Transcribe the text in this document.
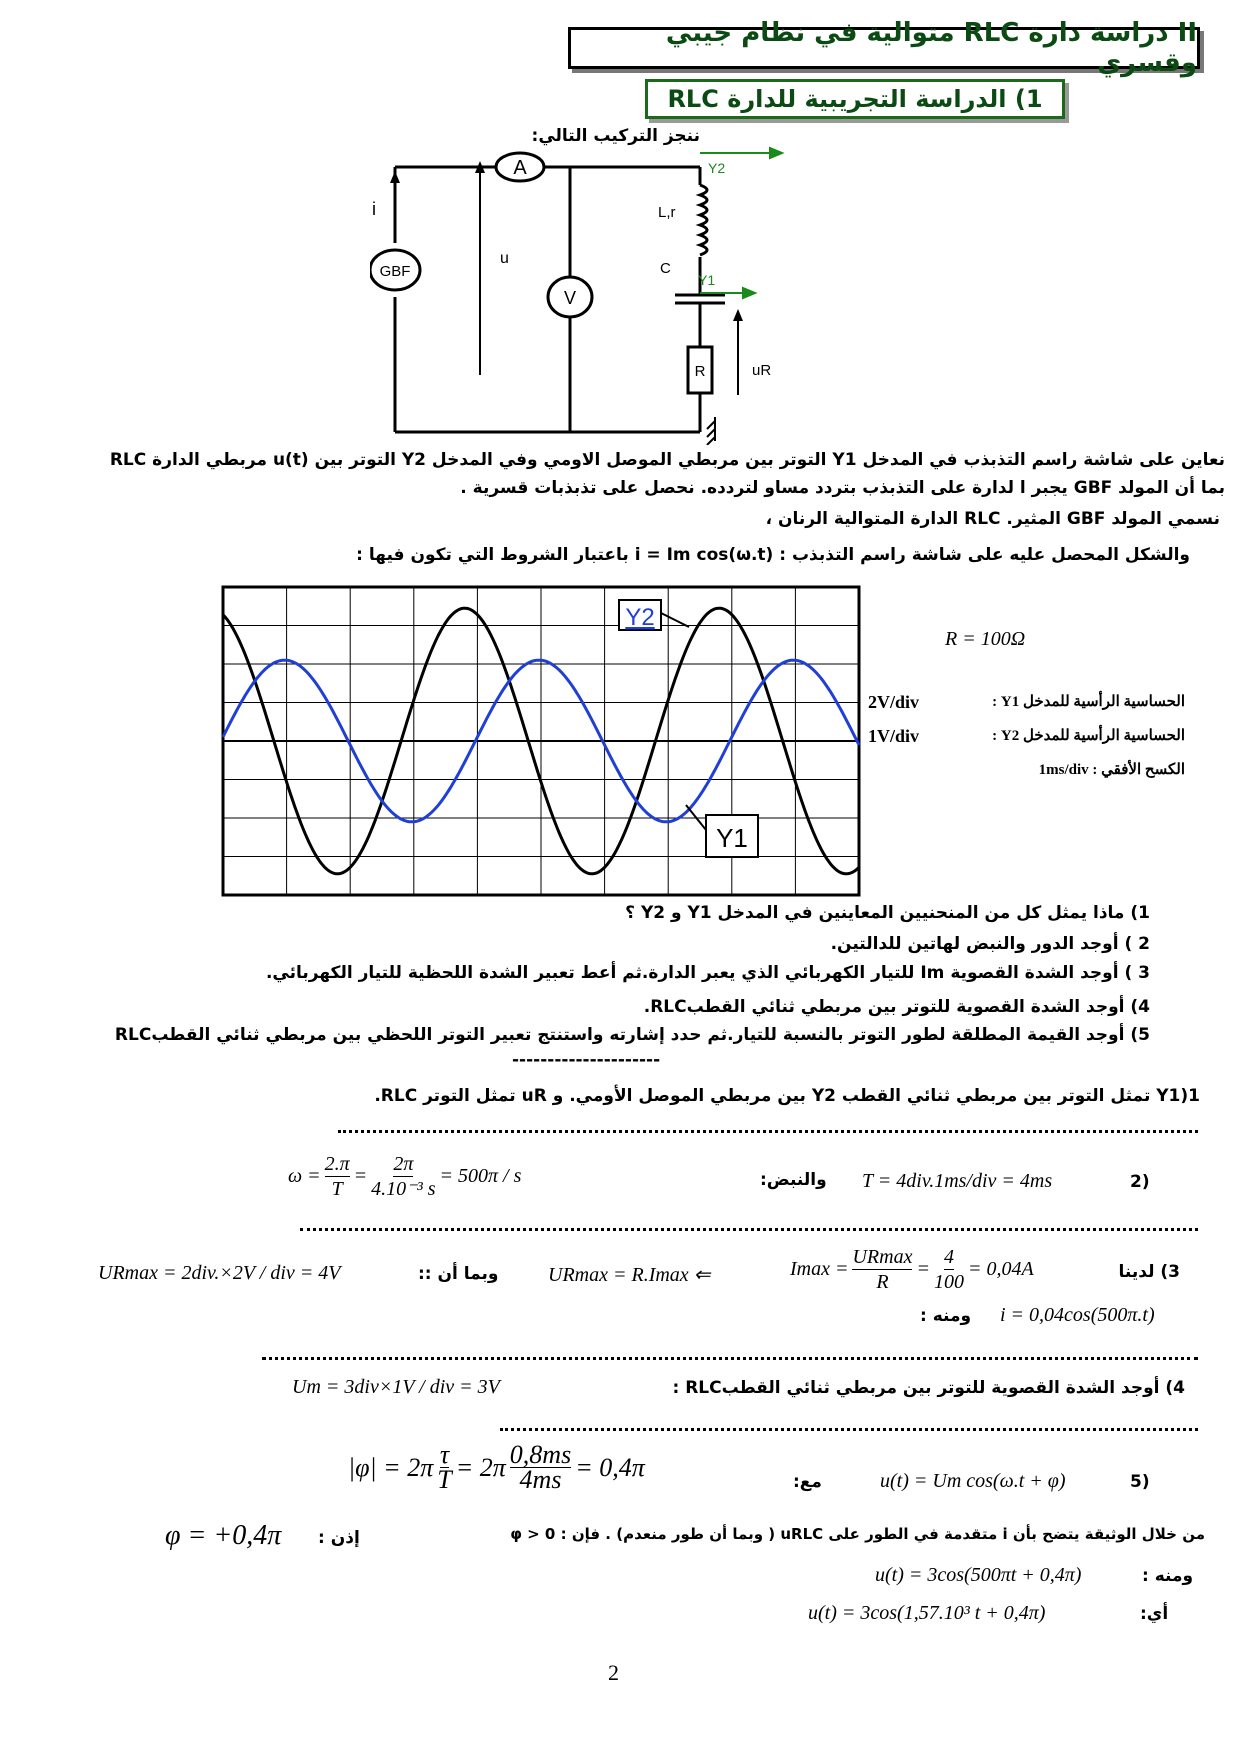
II دراسة دارة RLC متوالية في نظام جيبي وقسري
1) الدراسة التجريبية للدارة RLC
ننجز التركيب التالي:
A
GBF
V
i
u
L,r
C
R	uR
Y2
Y1
نعاين على شاشة راسم التذبذب في المدخل Y1 التوتر بين مربطي الموصل الاومي وفي المدخل Y2 التوتر بين u(t) مربطي الدارة RLC
بما أن المولد GBF يجبر ا لدارة على التذبذب بتردد مساو لتردده. نحصل على تذبذبات قسرية .
نسمي المولد GBF المثير. RLC الدارة المتوالية الرنان ،
والشكل المحصل عليه على شاشة راسم التذبذب : i = Im cos(ω.t) باعتبار الشروط التي تكون فيها :
Y2
Y1
R = 100Ω
2V/div	الحساسية الرأسية للمدخل Y1 :
1V/div	الحساسية الرأسية للمدخل Y2 :
الكسح الأفقي : 1ms/div
1) ماذا يمثل كل من المنحنيين المعاينين في المدخل Y1 و Y2 ؟
2 ) أوجد الدور والنبض لهاتين للدالتين.
3 ) أوجد الشدة القصوية Im للتيار الكهربائي الذي يعبر الدارة.ثم أعط تعبير الشدة اللحظية للتيار الكهربائي.
4) أوجد الشدة القصوية للتوتر بين مربطي ثنائي القطبRLC.
5) أوجد القيمة المطلقة لطور التوتر بالنسبة للتيار.ثم حدد إشارته واستنتج تعبير التوتر اللحظي بين مربطي ثنائي القطبRLC
---------------------
Y1)1 تمثل التوتر بين مربطي ثنائي القطب Y2 بين مربطي الموصل الأومي. و uR تمثل التوتر RLC.
(2
T = 4div.1ms/div = 4ms
والنبض:
$\omega = \frac{2.\pi}{T} = \frac{2\pi}{\text{4.10⁻³ s}} = 500\pi / s$
3) لدينا
$Imax = \frac{URmax}{R} = \frac{4}{100} = 0,04A$
URmax = R.Imax ⇐
وبما أن ::
URmax = 2div.×2V / div = 4V
ومنه : i = 0,04cos(500π.t)
4) أوجد الشدة القصوية للتوتر بين مربطي ثنائي القطبRLC :
Um = 3div×1V / div = 3V
(5
u(t) = Um cos(ω.t + φ)
مع:
$|\varphi| = 2\pi \frac{\tau}{T} = 2\pi \frac{0,8ms}{4ms} = 0,4\pi$
من خلال الوثيقة يتضح بأن i متقدمة في الطور على uRLC ( وبما أن طور منعدم) . فإن : φ > 0
إذن :
φ = +0,4π
ومنه :
u(t) = 3cos(500πt + 0,4π)
أي:
u(t) = 3cos(1,57.10³ t + 0,4π)
2
